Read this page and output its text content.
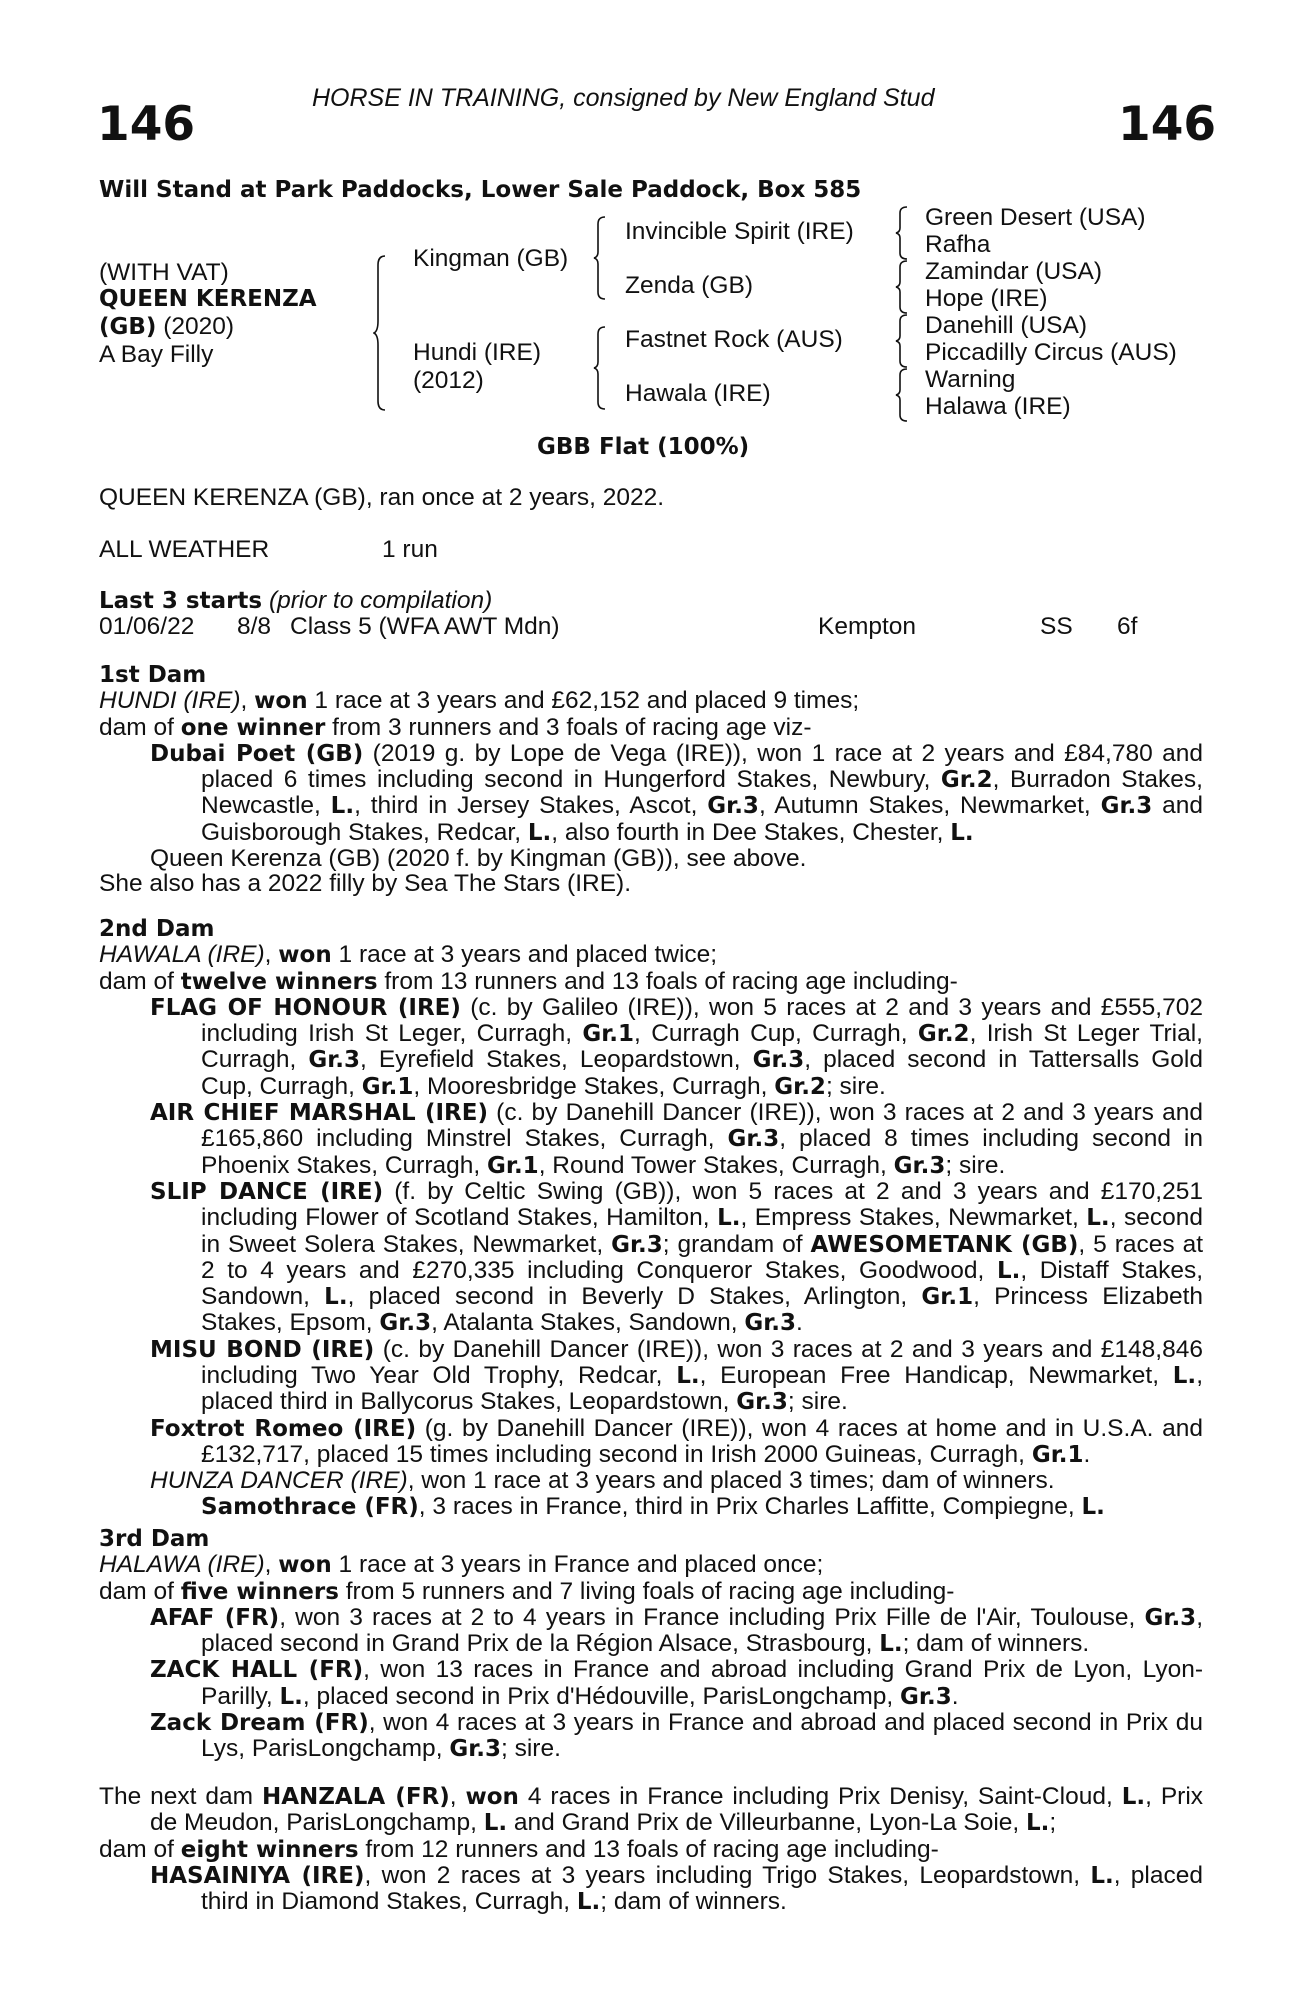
HORSE IN TRAINING, consigned by New England Stud
146	146
Will Stand at Park Paddocks, Lower Sale Paddock, Box 585
(WITH VAT)
QUEEN KERENZA
(GB) (2020)
A Bay Filly
Kingman (GB)
Hundi (IRE)
(2012)
Invincible Spirit (IRE)
Zenda (GB)
Fastnet Rock (AUS)
Hawala (IRE)
Green Desert (USA)
Rafha
Zamindar (USA)
Hope (IRE)
Danehill (USA)
Piccadilly Circus (AUS)
Warning
Halawa (IRE)
GBB Flat (100%)
QUEEN KERENZA (GB), ran once at 2 years, 2022.
ALL WEATHER	1 run
Last 3 starts (prior to compilation)
01/06/22 8/8 Class 5 (WFA AWT Mdn)	Kempton	SS 6f
1st Dam
HUNDI (IRE), won 1 race at 3 years and £62,152 and placed 9 times;
dam of one winner from 3 runners and 3 foals of racing age viz-
Dubai Poet (GB) (2019 g. by Lope de Vega (IRE)), won 1 race at 2 years and £84,780 and placed 6 times including second in Hungerford Stakes, Newbury, Gr.2, Burradon Stakes, Newcastle, L., third in Jersey Stakes, Ascot, Gr.3, Autumn Stakes, Newmarket, Gr.3 and Guisborough Stakes, Redcar, L., also fourth in Dee Stakes, Chester, L.
Queen Kerenza (GB) (2020 f. by Kingman (GB)), see above.
She also has a 2022 filly by Sea The Stars (IRE).
2nd Dam
HAWALA (IRE), won 1 race at 3 years and placed twice;
dam of twelve winners from 13 runners and 13 foals of racing age including-
FLAG OF HONOUR (IRE) (c. by Galileo (IRE)), won 5 races at 2 and 3 years and £555,702 including Irish St Leger, Curragh, Gr.1, Curragh Cup, Curragh, Gr.2, Irish St Leger Trial, Curragh, Gr.3, Eyrefield Stakes, Leopardstown, Gr.3, placed second in Tattersalls Gold Cup, Curragh, Gr.1, Mooresbridge Stakes, Curragh, Gr.2; sire.
AIR CHIEF MARSHAL (IRE) (c. by Danehill Dancer (IRE)), won 3 races at 2 and 3 years and £165,860 including Minstrel Stakes, Curragh, Gr.3, placed 8 times including second in Phoenix Stakes, Curragh, Gr.1, Round Tower Stakes, Curragh, Gr.3; sire.
SLIP DANCE (IRE) (f. by Celtic Swing (GB)), won 5 races at 2 and 3 years and £170,251 including Flower of Scotland Stakes, Hamilton, L., Empress Stakes, Newmarket, L., second in Sweet Solera Stakes, Newmarket, Gr.3; grandam of AWESOMETANK (GB), 5 races at 2 to 4 years and £270,335 including Conqueror Stakes, Goodwood, L., Distaff Stakes, Sandown, L., placed second in Beverly D Stakes, Arlington, Gr.1, Princess Elizabeth Stakes, Epsom, Gr.3, Atalanta Stakes, Sandown, Gr.3.
MISU BOND (IRE) (c. by Danehill Dancer (IRE)), won 3 races at 2 and 3 years and £148,846 including Two Year Old Trophy, Redcar, L., European Free Handicap, Newmarket, L., placed third in Ballycorus Stakes, Leopardstown, Gr.3; sire.
Foxtrot Romeo (IRE) (g. by Danehill Dancer (IRE)), won 4 races at home and in U.S.A. and £132,717, placed 15 times including second in Irish 2000 Guineas, Curragh, Gr.1.
HUNZA DANCER (IRE), won 1 race at 3 years and placed 3 times; dam of winners.
Samothrace (FR), 3 races in France, third in Prix Charles Laffitte, Compiegne, L.
3rd Dam
HALAWA (IRE), won 1 race at 3 years in France and placed once;
dam of five winners from 5 runners and 7 living foals of racing age including-
AFAF (FR), won 3 races at 2 to 4 years in France including Prix Fille de l'Air, Toulouse, Gr.3, placed second in Grand Prix de la Région Alsace, Strasbourg, L.; dam of winners.
ZACK HALL (FR), won 13 races in France and abroad including Grand Prix de Lyon, Lyon-Parilly, L., placed second in Prix d'Hédouville, ParisLongchamp, Gr.3.
Zack Dream (FR), won 4 races at 3 years in France and abroad and placed second in Prix du Lys, ParisLongchamp, Gr.3; sire.
The next dam HANZALA (FR), won 4 races in France including Prix Denisy, Saint-Cloud, L., Prix de Meudon, ParisLongchamp, L. and Grand Prix de Villeurbanne, Lyon-La Soie, L.;
dam of eight winners from 12 runners and 13 foals of racing age including-
HASAINIYA (IRE), won 2 races at 3 years including Trigo Stakes, Leopardstown, L., placed third in Diamond Stakes, Curragh, L.; dam of winners.
